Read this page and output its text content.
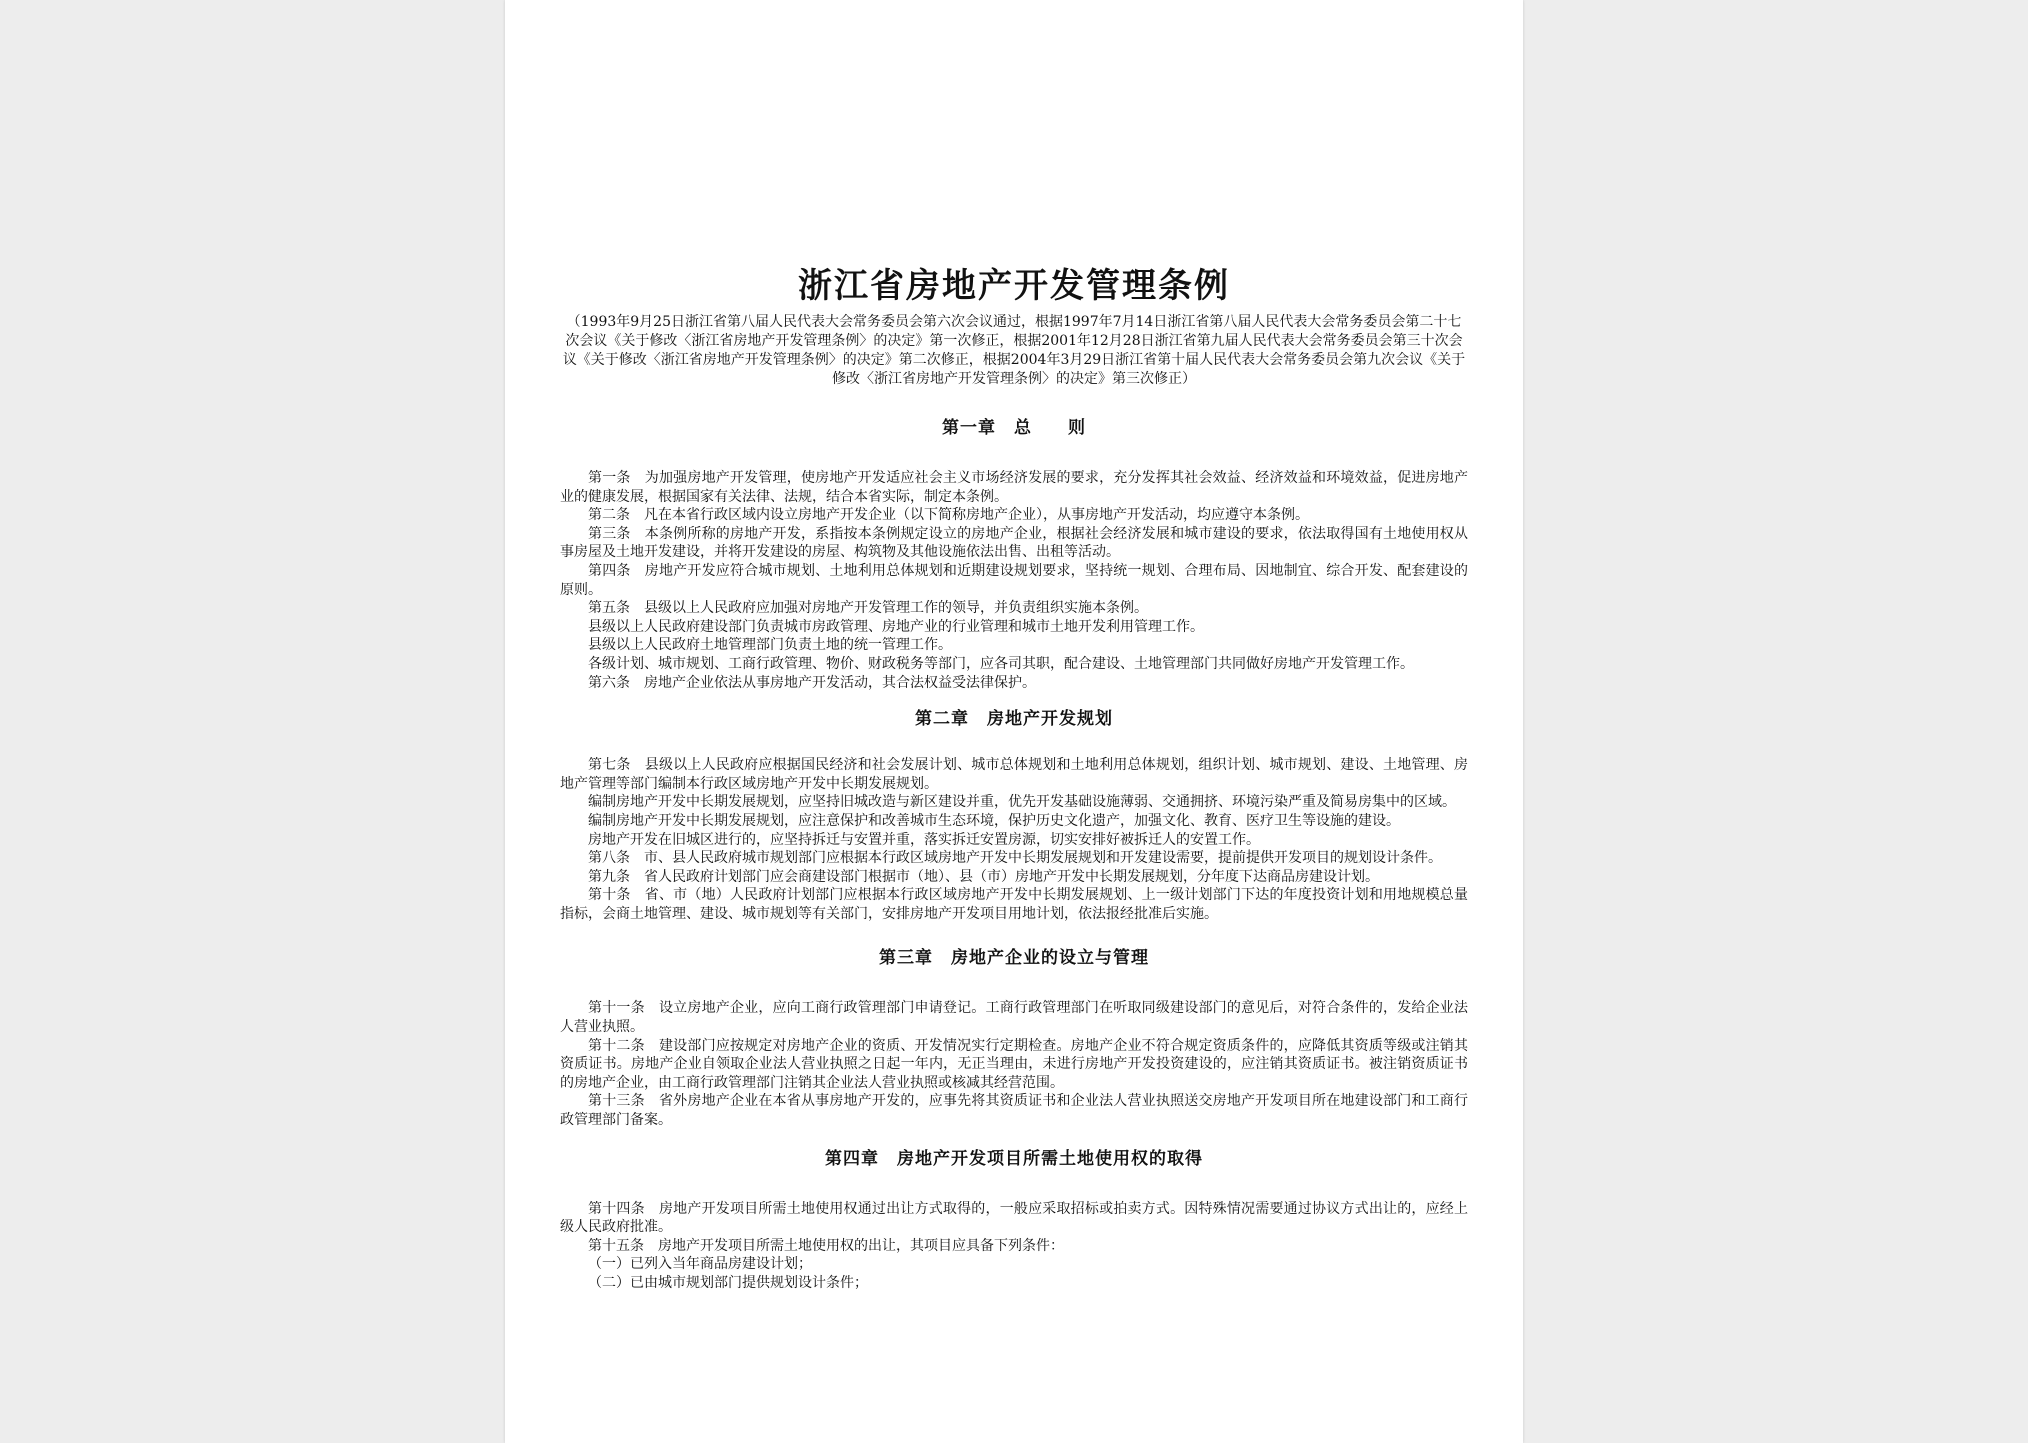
浙江省房地产开发管理条例

（1993年9月25日浙江省第八届人民代表大会常务委员会第六次会议通过，根据1997年7月14日浙江省第八届人民代表大会常务委员会第二十七次会议《关于修改〈浙江省房地产开发管理条例〉的决定》第一次修正，根据2001年12月28日浙江省第九届人民代表大会常务委员会第三十次会议《关于修改〈浙江省房地产开发管理条例〉的决定》第二次修正，根据2004年3月29日浙江省第十届人民代表大会常务委员会第九次会议《关于修改〈浙江省房地产开发管理条例〉的决定》第三次修正）

第一章　总　　则

第一条　为加强房地产开发管理，使房地产开发适应社会主义市场经济发展的要求，充分发挥其社会效益、经济效益和环境效益，促进房地产业的健康发展，根据国家有关法律、法规，结合本省实际，制定本条例。

第二条　凡在本省行政区域内设立房地产开发企业（以下简称房地产企业），从事房地产开发活动，均应遵守本条例。

第三条　本条例所称的房地产开发，系指按本条例规定设立的房地产企业，根据社会经济发展和城市建设的要求，依法取得国有土地使用权从事房屋及土地开发建设，并将开发建设的房屋、构筑物及其他设施依法出售、出租等活动。

第四条　房地产开发应符合城市规划、土地利用总体规划和近期建设规划要求，坚持统一规划、合理布局、因地制宜、综合开发、配套建设的原则。

第五条　县级以上人民政府应加强对房地产开发管理工作的领导，并负责组织实施本条例。

县级以上人民政府建设部门负责城市房政管理、房地产业的行业管理和城市土地开发利用管理工作。

县级以上人民政府土地管理部门负责土地的统一管理工作。

各级计划、城市规划、工商行政管理、物价、财政税务等部门，应各司其职，配合建设、土地管理部门共同做好房地产开发管理工作。

第六条　房地产企业依法从事房地产开发活动，其合法权益受法律保护。

第二章　房地产开发规划

第七条　县级以上人民政府应根据国民经济和社会发展计划、城市总体规划和土地利用总体规划，组织计划、城市规划、建设、土地管理、房地产管理等部门编制本行政区域房地产开发中长期发展规划。

编制房地产开发中长期发展规划，应坚持旧城改造与新区建设并重，优先开发基础设施薄弱、交通拥挤、环境污染严重及简易房集中的区域。

编制房地产开发中长期发展规划，应注意保护和改善城市生态环境，保护历史文化遗产，加强文化、教育、医疗卫生等设施的建设。

房地产开发在旧城区进行的，应坚持拆迁与安置并重，落实拆迁安置房源，切实安排好被拆迁人的安置工作。

第八条　市、县人民政府城市规划部门应根据本行政区域房地产开发中长期发展规划和开发建设需要，提前提供开发项目的规划设计条件。

第九条　省人民政府计划部门应会商建设部门根据市（地）、县（市）房地产开发中长期发展规划，分年度下达商品房建设计划。

第十条　省、市（地）人民政府计划部门应根据本行政区域房地产开发中长期发展规划、上一级计划部门下达的年度投资计划和用地规模总量指标，会商土地管理、建设、城市规划等有关部门，安排房地产开发项目用地计划，依法报经批准后实施。

第三章　房地产企业的设立与管理

第十一条　设立房地产企业，应向工商行政管理部门申请登记。工商行政管理部门在听取同级建设部门的意见后，对符合条件的，发给企业法人营业执照。

第十二条　建设部门应按规定对房地产企业的资质、开发情况实行定期检查。房地产企业不符合规定资质条件的，应降低其资质等级或注销其资质证书。房地产企业自领取企业法人营业执照之日起一年内，无正当理由，未进行房地产开发投资建设的，应注销其资质证书。被注销资质证书的房地产企业，由工商行政管理部门注销其企业法人营业执照或核减其经营范围。

第十三条　省外房地产企业在本省从事房地产开发的，应事先将其资质证书和企业法人营业执照送交房地产开发项目所在地建设部门和工商行政管理部门备案。

第四章　房地产开发项目所需土地使用权的取得

第十四条　房地产开发项目所需土地使用权通过出让方式取得的，一般应采取招标或拍卖方式。因特殊情况需要通过协议方式出让的，应经上级人民政府批准。

第十五条　房地产开发项目所需土地使用权的出让，其项目应具备下列条件：

（一）已列入当年商品房建设计划；

（二）已由城市规划部门提供规划设计条件；
